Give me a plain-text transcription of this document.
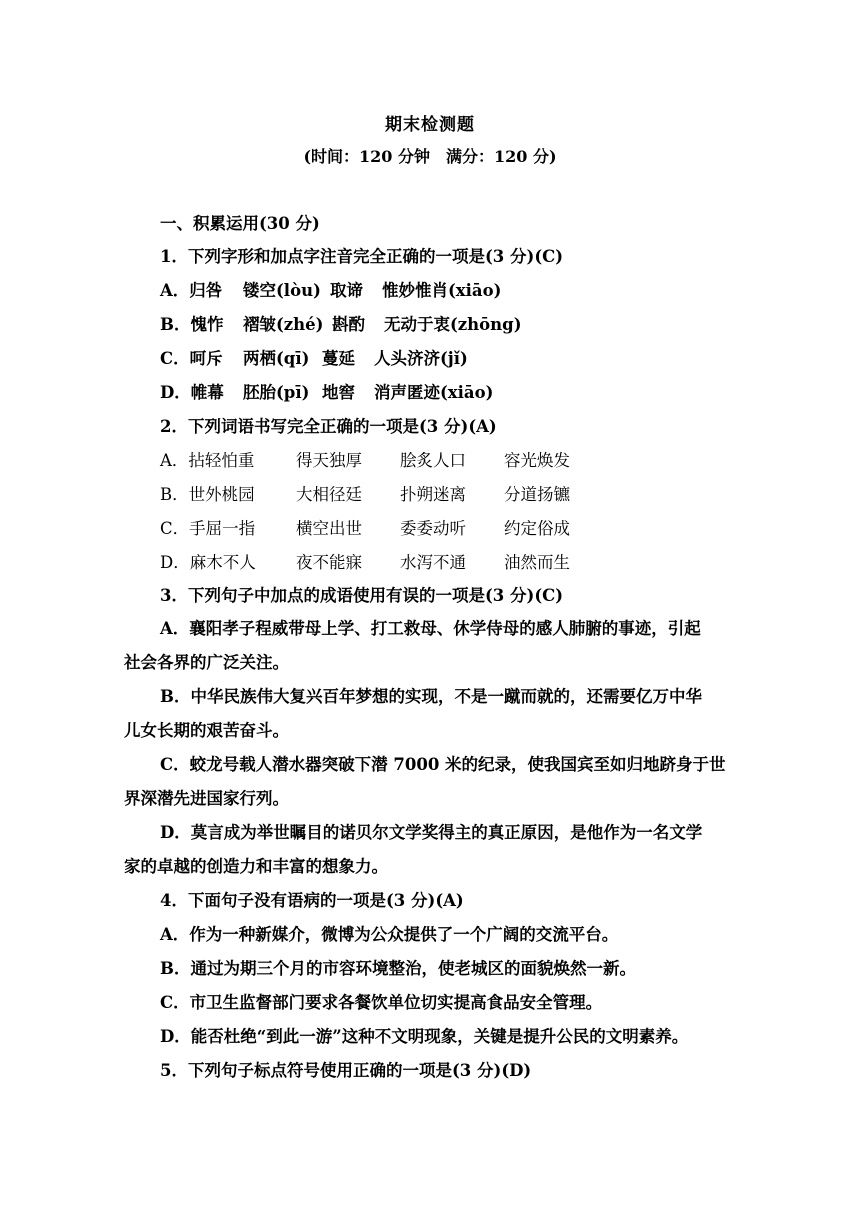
期末检测题
(时间：120 分钟　满分：120 分)
一、积累运用(30 分)
1．下列字形和加点字注音完全正确的一项是(3 分)(C)
A．归咎 镂空(lòu) 取谛 惟妙惟肖(xiāo)
B．愧怍 褶皱(zhé) 斟酌 无动于衷(zhōng)
C．呵斥 两栖(qī) 蔓延 人头济济(jǐ)
D．帷幕 胚胎(pī) 地窖 消声匿迹(xiāo)
2．下列词语书写完全正确的一项是(3 分)(A)
A．拈轻怕重	得天独厚 脍炙人口 容光焕发
B．世外桃园	大相径廷 扑朔迷离 分道扬镳
C．手屈一指 横空出世 委委动听 约定俗成
D．麻木不人 夜不能寐 水泻不通 油然而生
3．下列句子中加点的成语使用有误的一项是(3 分)(C)
A．襄阳孝子程威带母上学、打工救母、休学侍母的感人肺腑的事迹，引起
社会各界的广泛关注。
B．中华民族伟大复兴百年梦想的实现，不是一蹴而就的，还需要亿万中华
儿女长期的艰苦奋斗。
C．蛟龙号载人潜水器突破下潜 7000 米的纪录，使我国宾至如归地跻身于世
界深潜先进国家行列。
D．莫言成为举世瞩目的诺贝尔文学奖得主的真正原因，是他作为一名文学
家的卓越的创造力和丰富的想象力。
4．下面句子没有语病的一项是(3 分)(A)
A．作为一种新媒介，微博为公众提供了一个广阔的交流平台。
B．通过为期三个月的市容环境整治，使老城区的面貌焕然一新。
C．市卫生监督部门要求各餐饮单位切实提高食品安全管理。
D．能否杜绝“到此一游”这种不文明现象，关键是提升公民的文明素养。
5．下列句子标点符号使用正确的一项是(3 分)(D)
